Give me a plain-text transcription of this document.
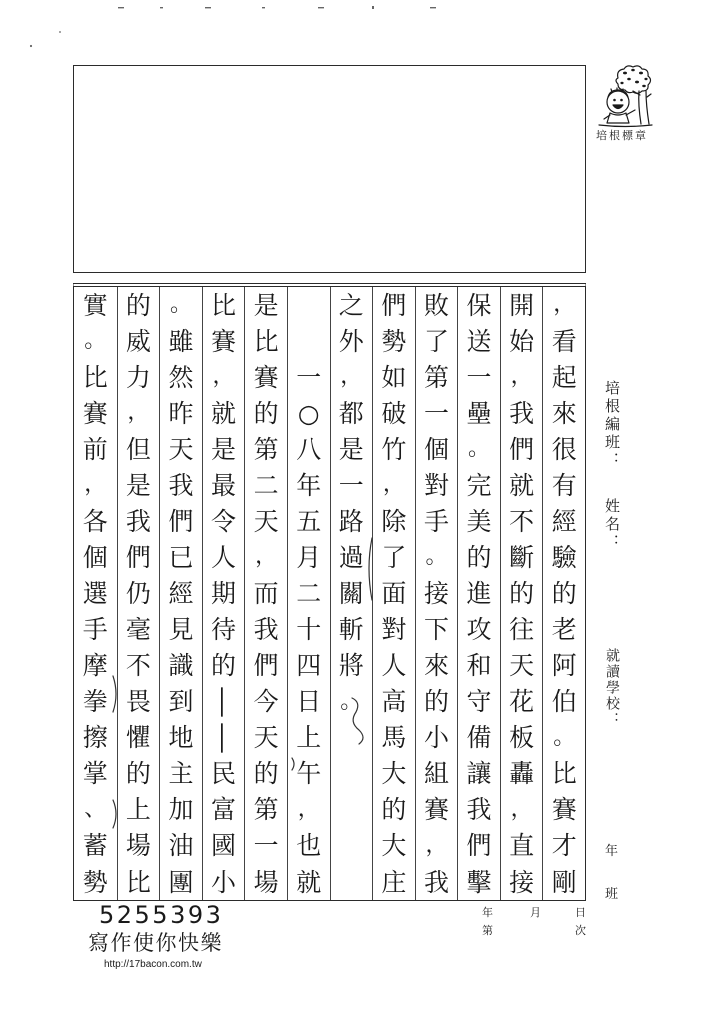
培根標章
，
看
起
來
很
有
經
驗
的
老
阿
伯
。
比
賽
才
剛
開
始
，
我
們
就
不
斷
的
往
天
花
板
轟
，
直
接
保
送
一
壘
。
完
美
的
進
攻
和
守
備
讓
我
們
擊
敗
了
第
一
個
對
手
。
接
下
來
的
小
組
賽
，
我
們
勢
如
破
竹
，
除
了
面
對
人
高
馬
大
的
大
庄
之
外
，
都
是
一
路
過
關
斬
將
。
一
○
八
年
五
月
二
十
四
日
上
午
，
也
就
是
比
賽
的
第
二
天
，
而
我
們
今
天
的
第
一
場
比
賽
，
就
是
最
令
人
期
待
的
—
—
民
富
國
小
。
雖
然
昨
天
我
們
已
經
見
識
到
地
主
加
油
團
的
威
力
，
但
是
我
們
仍
毫
不
畏
懼
的
上
場
比
實
。
比
賽
前
，
各
個
選
手
摩
拳
擦
掌
、
蓄
勢
培根編班：
姓名：
就讀學校：
年
班
年	月	日
第	次
5255393
寫作使你快樂
http://17bacon.com.tw
